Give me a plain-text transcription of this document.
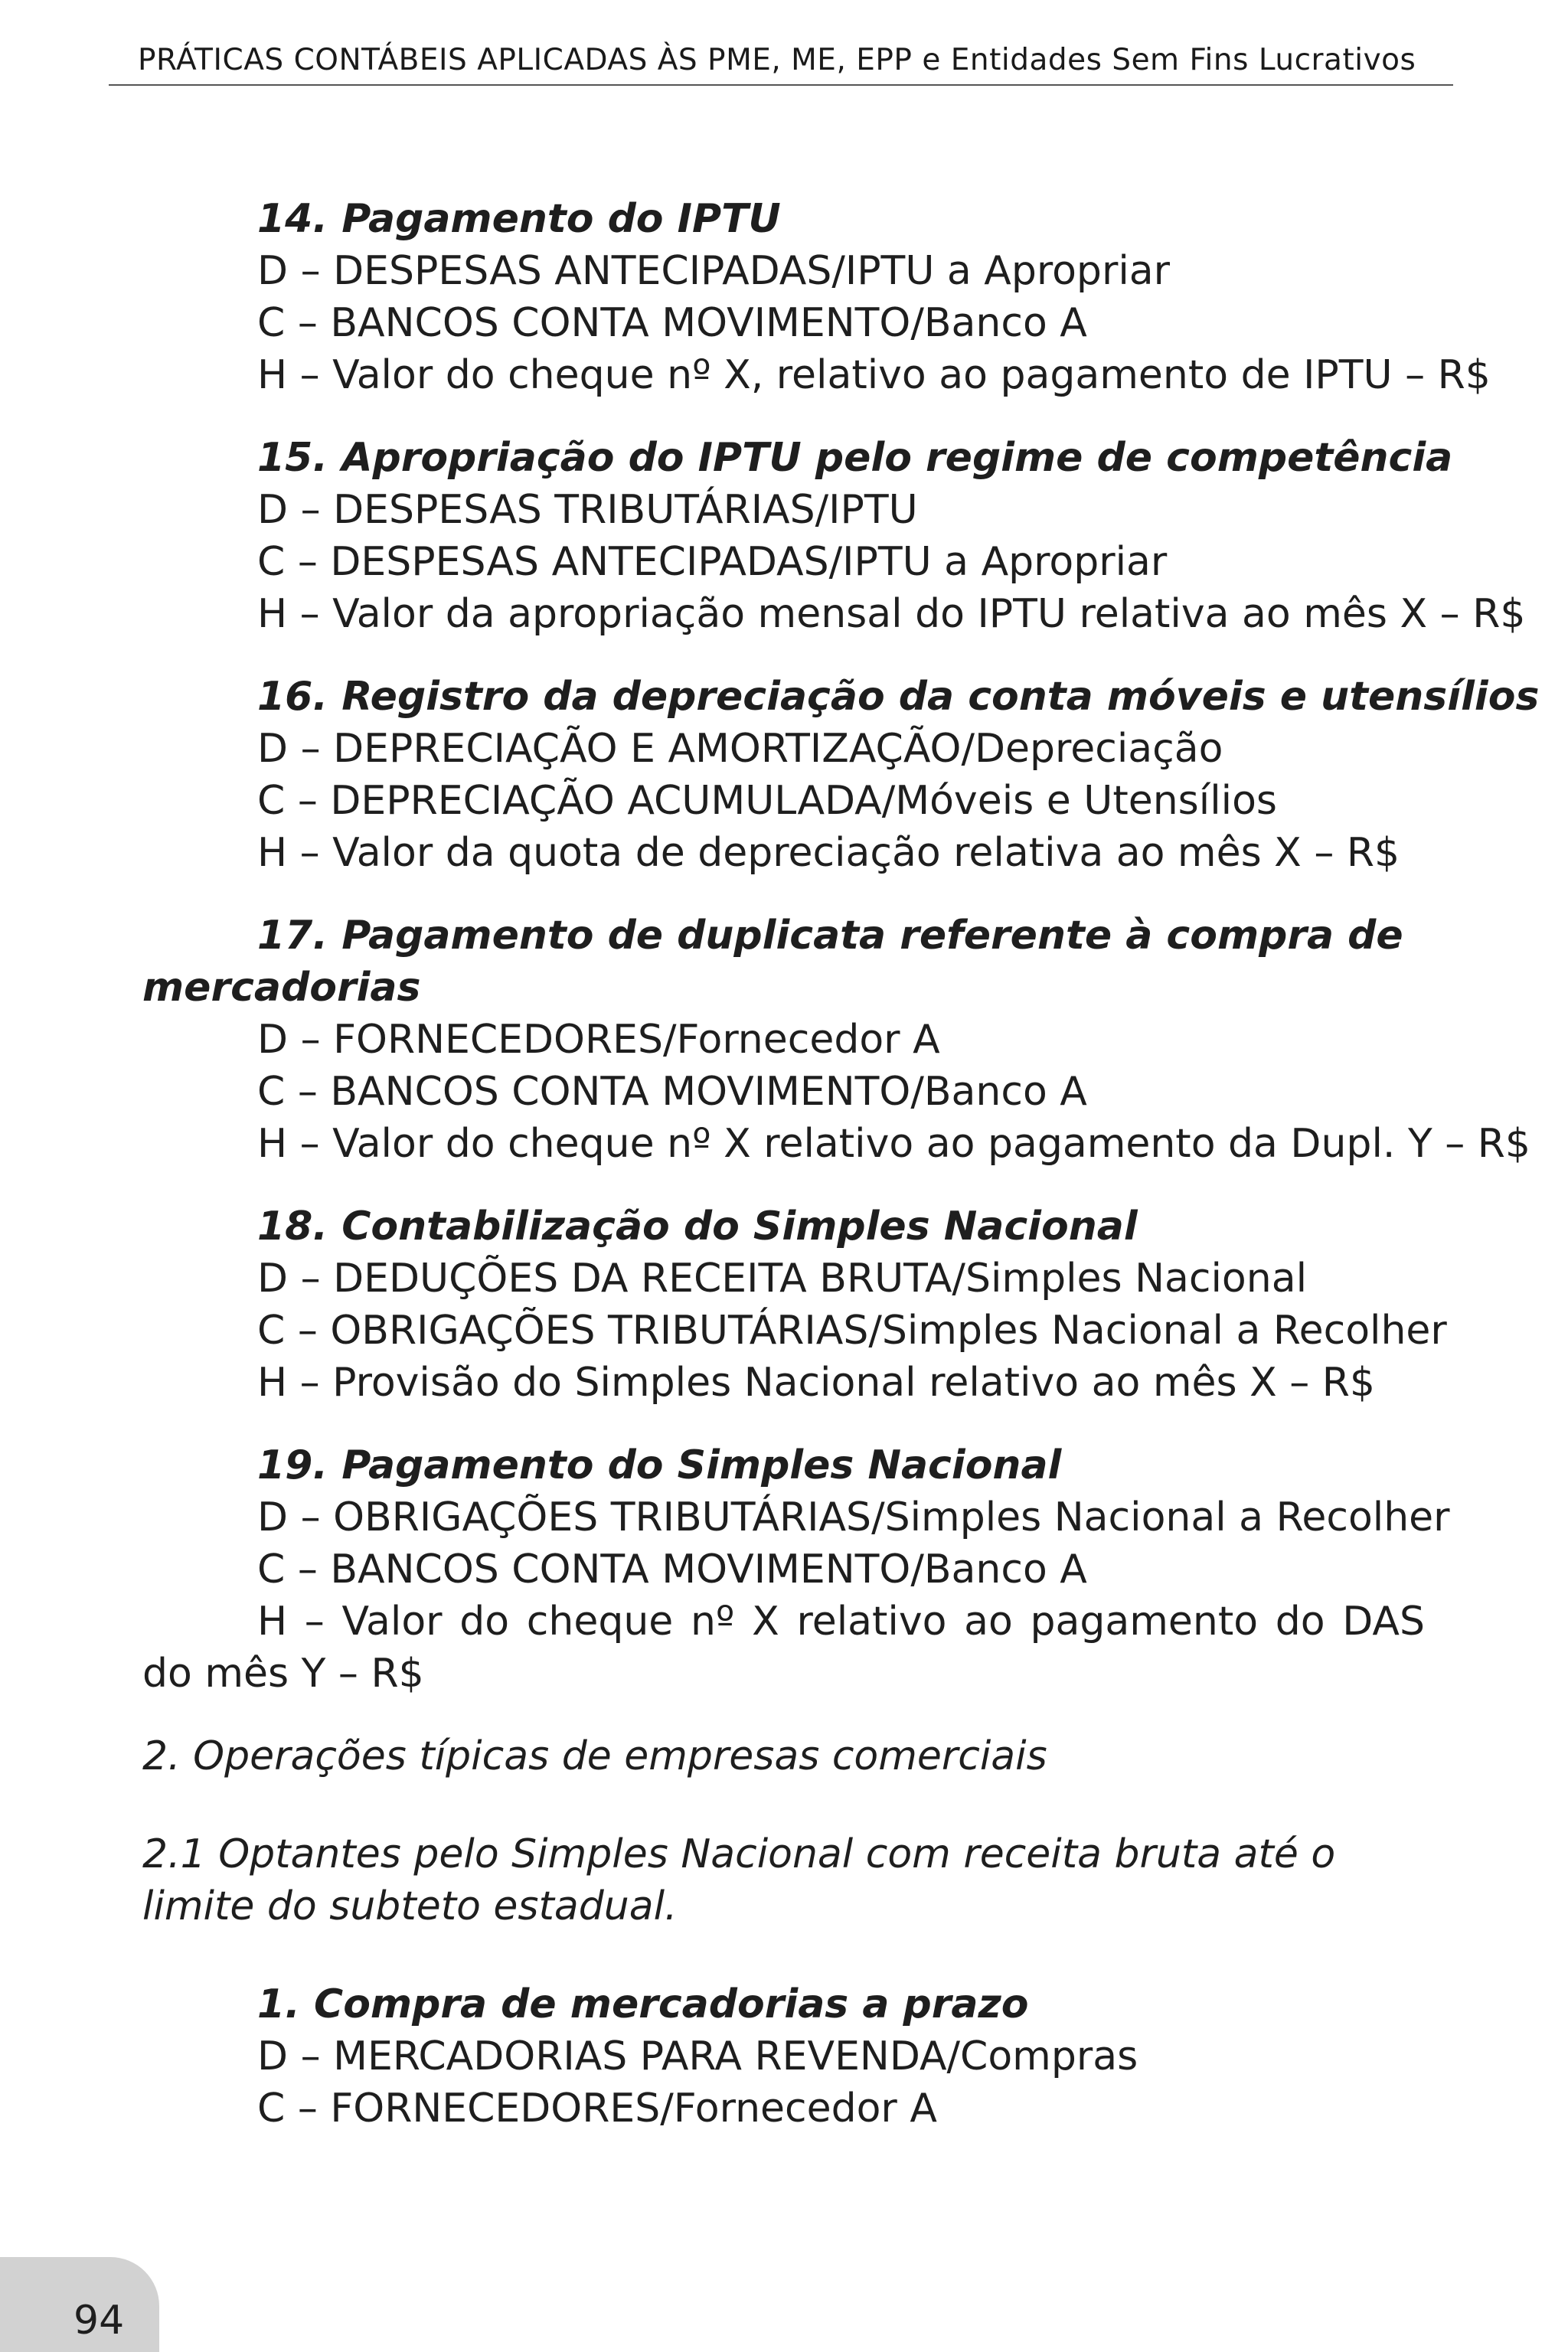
PRÁTICAS CONTÁBEIS APLICADAS ÀS PME, ME, EPP e Entidades Sem Fins Lucrativos
14. Pagamento do IPTU
D – DESPESAS ANTECIPADAS/IPTU a Apropriar
C – BANCOS CONTA MOVIMENTO/Banco A
H – Valor do cheque nº X, relativo ao pagamento de IPTU – R$
15. Apropriação do IPTU pelo regime de competência
D – DESPESAS TRIBUTÁRIAS/IPTU
C – DESPESAS ANTECIPADAS/IPTU a Apropriar
H – Valor da apropriação mensal do IPTU relativa ao mês X – R$
16. Registro da depreciação da conta móveis e utensílios
D – DEPRECIAÇÃO E AMORTIZAÇÃO/Depreciação
C – DEPRECIAÇÃO ACUMULADA/Móveis e Utensílios
H – Valor da quota de depreciação relativa ao mês X – R$
17. Pagamento de duplicata referente à compra de mercadorias
D – FORNECEDORES/Fornecedor A
C – BANCOS CONTA MOVIMENTO/Banco A
H – Valor do cheque nº X relativo ao pagamento da Dupl. Y – R$
18. Contabilização do Simples Nacional
D – DEDUÇÕES DA RECEITA BRUTA/Simples Nacional
C – OBRIGAÇÕES TRIBUTÁRIAS/Simples Nacional a Recolher
H – Provisão do Simples Nacional relativo ao mês X – R$
19. Pagamento do Simples Nacional
D – OBRIGAÇÕES TRIBUTÁRIAS/Simples Nacional a Recolher
C – BANCOS CONTA MOVIMENTO/Banco A
H – Valor do cheque nº X relativo ao pagamento do DAS do mês Y – R$
2. Operações típicas de empresas comerciais
2.1 Optantes pelo Simples Nacional com receita bruta até o limite do subteto estadual.
1. Compra de mercadorias a prazo
D – MERCADORIAS PARA REVENDA/Compras
C – FORNECEDORES/Fornecedor A
94
